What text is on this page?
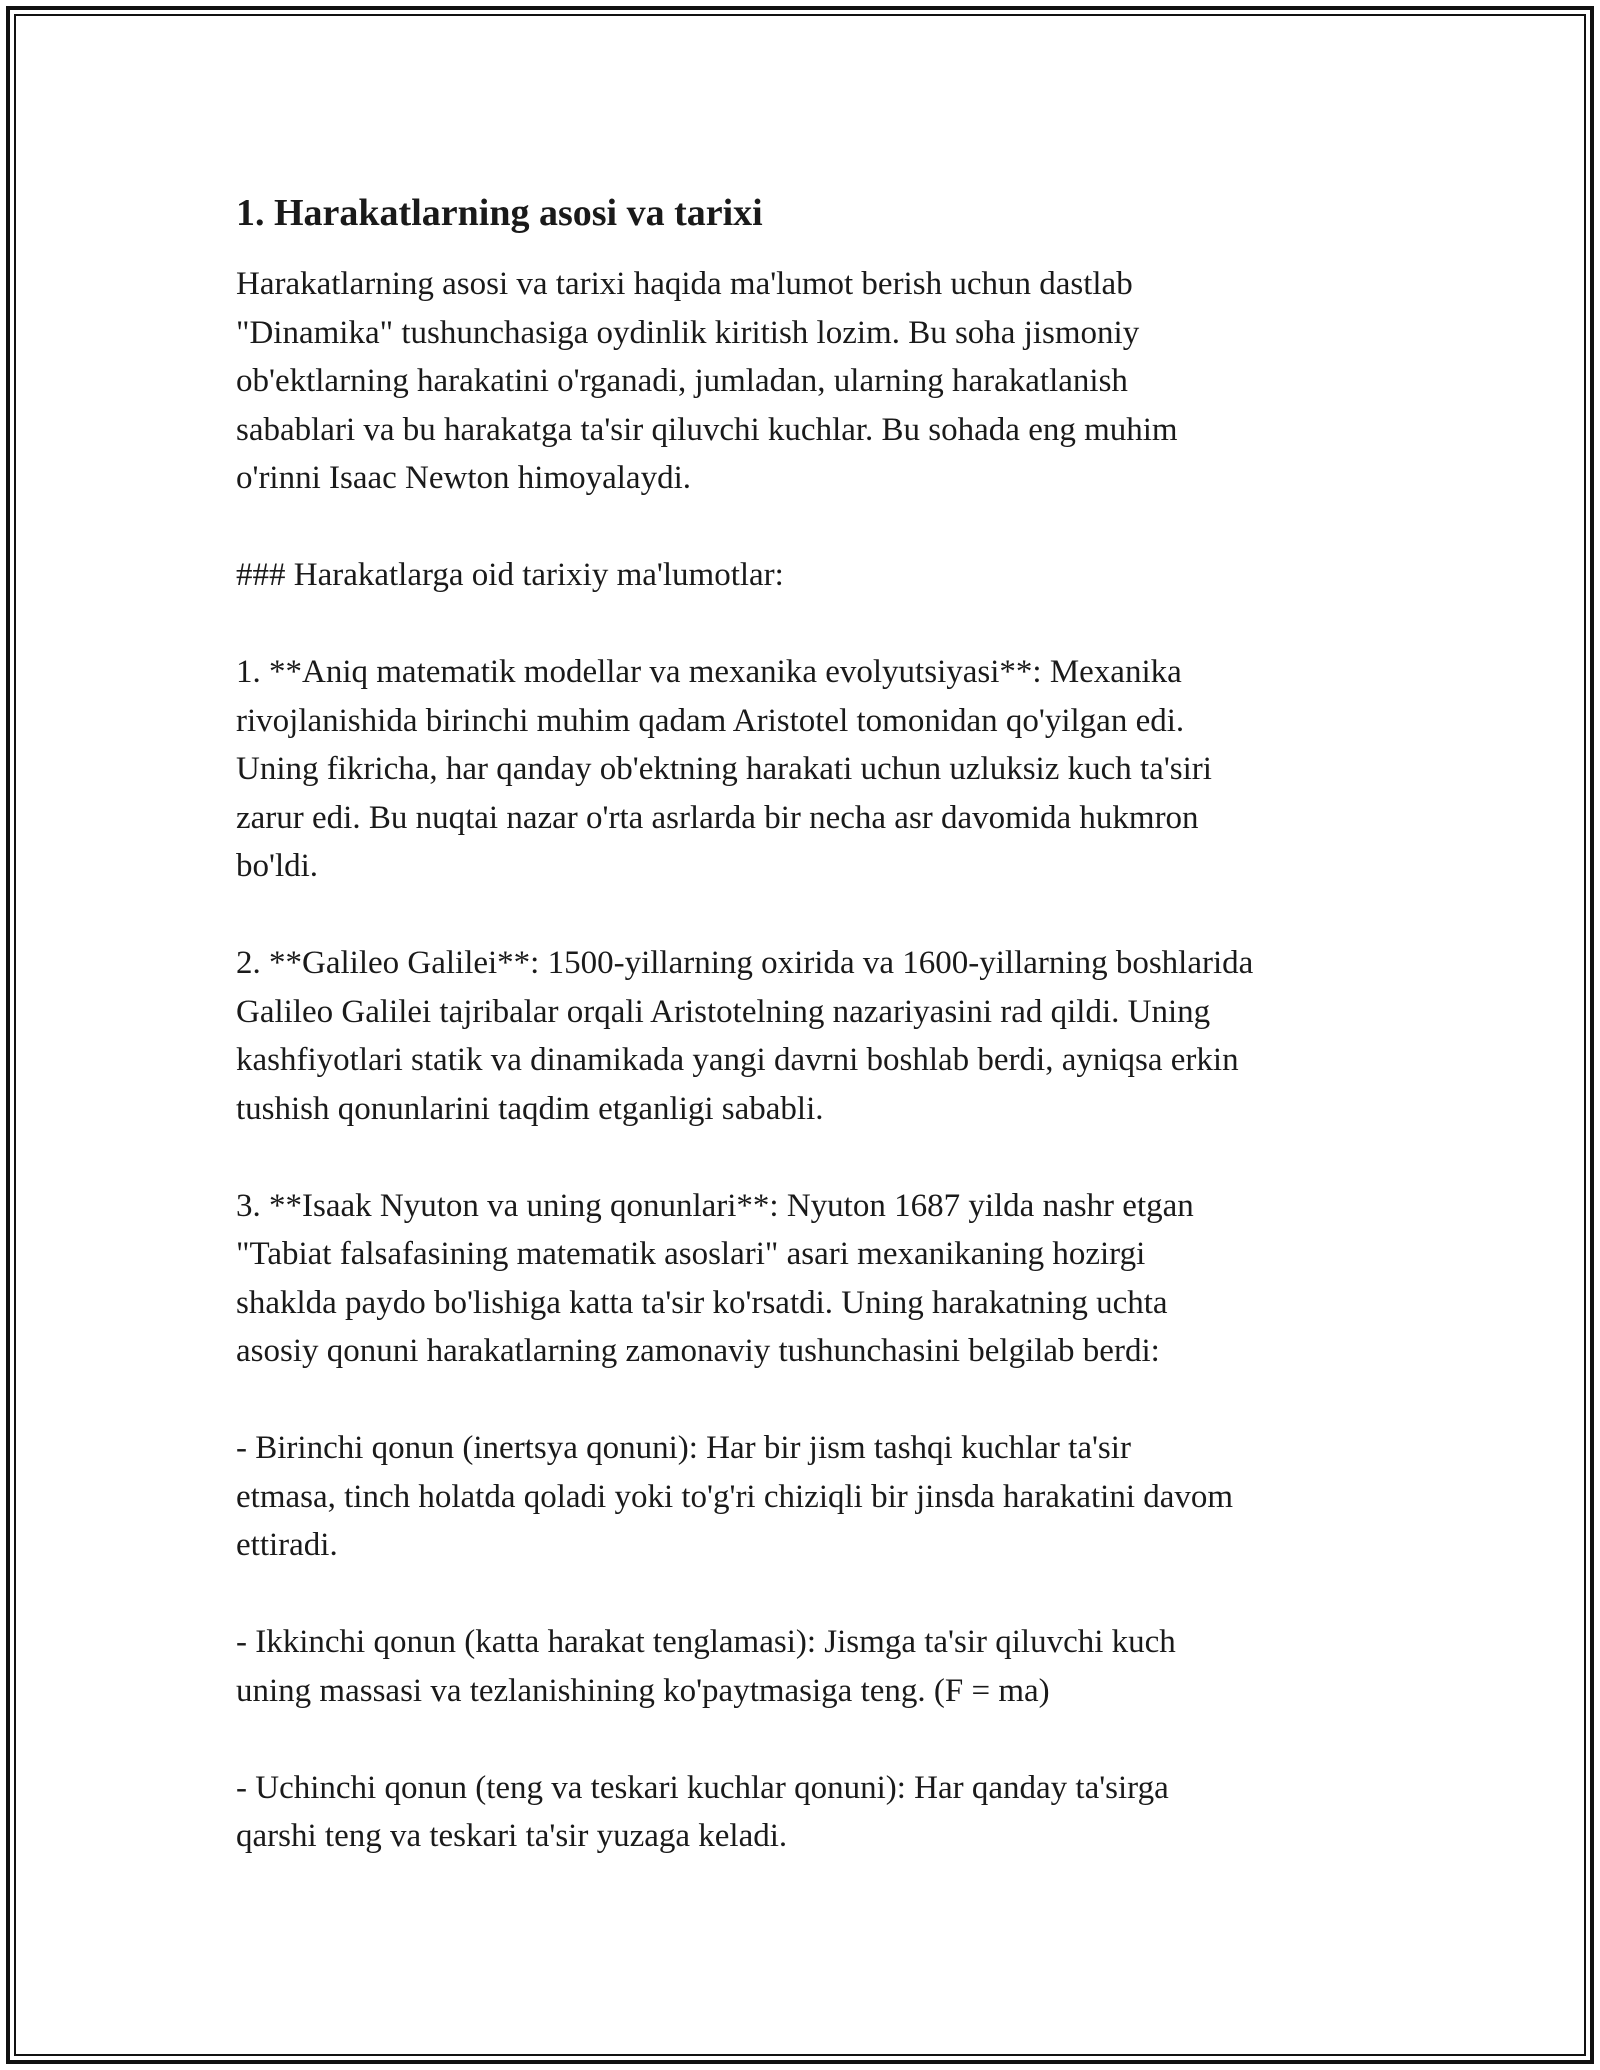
1. Harakatlarning asosi va tarixi

Harakatlarning asosi va tarixi haqida ma'lumot berish uchun dastlab
"Dinamika" tushunchasiga oydinlik kiritish lozim. Bu soha jismoniy
ob'ektlarning harakatini o'rganadi, jumladan, ularning harakatlanish
sabablari va bu harakatga ta'sir qiluvchi kuchlar. Bu sohada eng muhim
o'rinni Isaac Newton himoyalaydi.

### Harakatlarga oid tarixiy ma'lumotlar:

1. **Aniq matematik modellar va mexanika evolyutsiyasi**: Mexanika
rivojlanishida birinchi muhim qadam Aristotel tomonidan qo'yilgan edi.
Uning fikricha, har qanday ob'ektning harakati uchun uzluksiz kuch ta'siri
zarur edi. Bu nuqtai nazar o'rta asrlarda bir necha asr davomida hukmron
bo'ldi.

2. **Galileo Galilei**: 1500-yillarning oxirida va 1600-yillarning boshlarida
Galileo Galilei tajribalar orqali Aristotelning nazariyasini rad qildi. Uning
kashfiyotlari statik va dinamikada yangi davrni boshlab berdi, ayniqsa erkin
tushish qonunlarini taqdim etganligi sababli.

3. **Isaak Nyuton va uning qonunlari**: Nyuton 1687 yilda nashr etgan
"Tabiat falsafasining matematik asoslari" asari mexanikaning hozirgi
shaklda paydo bo'lishiga katta ta'sir ko'rsatdi. Uning harakatning uchta
asosiy qonuni harakatlarning zamonaviy tushunchasini belgilab berdi:

- Birinchi qonun (inertsya qonuni): Har bir jism tashqi kuchlar ta'sir
etmasa, tinch holatda qoladi yoki to'g'ri chiziqli bir jinsda harakatini davom
ettiradi.

- Ikkinchi qonun (katta harakat tenglamasi): Jismga ta'sir qiluvchi kuch
uning massasi va tezlanishining ko'paytmasiga teng. (F = ma)

- Uchinchi qonun (teng va teskari kuchlar qonuni): Har qanday ta'sirga
qarshi teng va teskari ta'sir yuzaga keladi.
